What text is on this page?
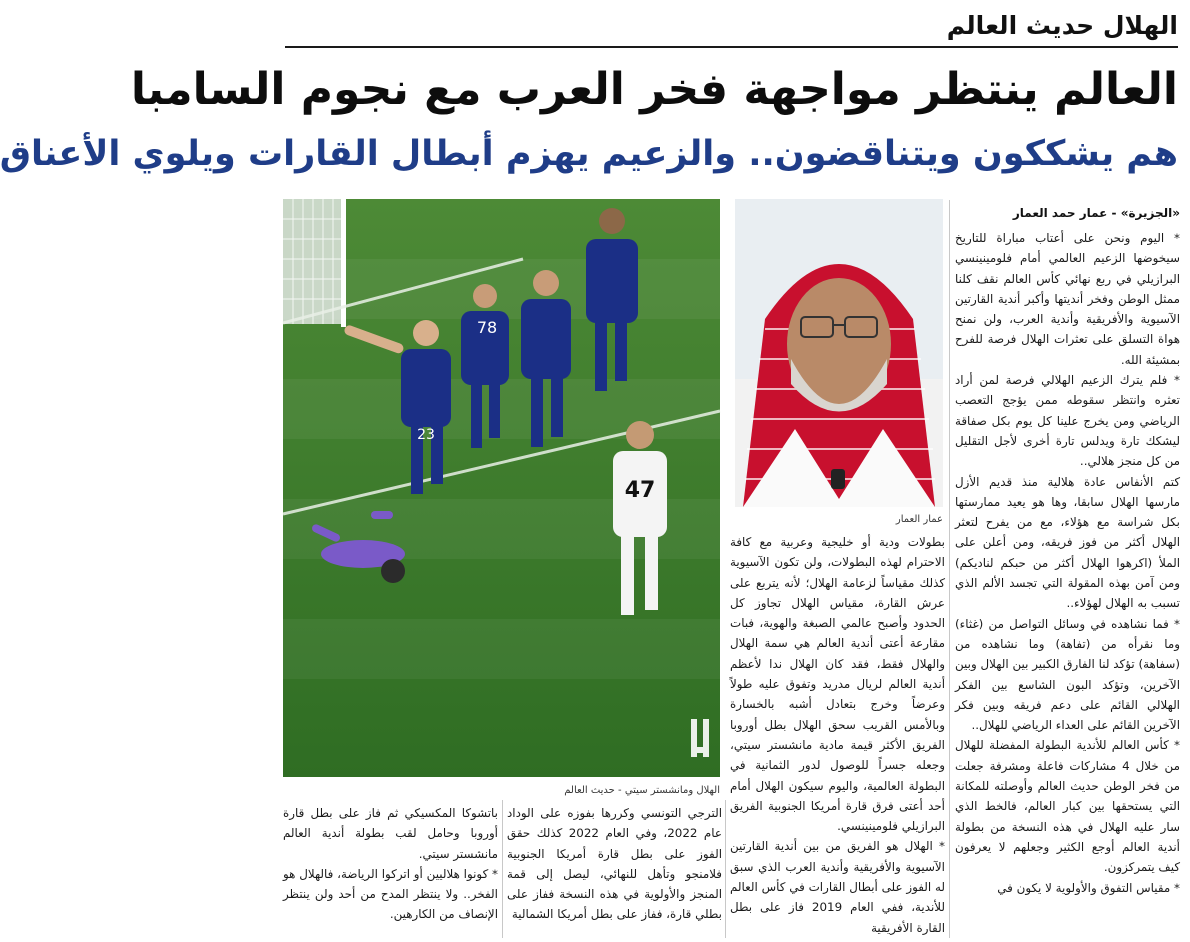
الهلال حديث العالم
العالم ينتظر مواجهة فخر العرب مع نجوم السامبا
هم يشككون ويتناقضون.. والزعيم يهزم أبطال القارات ويلوي الأعناق
23
78
47
الهلال ومانشستر سيتي - حديث العالم
عمار العمار
«الجزيرة» - عمار حمد العمار

* اليوم ونحن على أعتاب مباراة للتاريخ سيخوضها الزعيم العالمي أمام فلومينينسي البرازيلي في ربع نهائي كأس العالم نقف كلنا ممثل الوطن وفخر أنديتها وأكبر أندية القارتين الآسيوية والأفريقية وأندية العرب، ولن نمنح هواة التسلق على تعثرات الهلال فرصة للفرح بمشيئة الله.

* فلم يترك الزعيم الهلالي فرصة لمن أراد تعثره وانتظر سقوطه ممن يؤجج التعصب الرياضي ومن يخرج علينا كل يوم بكل صفاقة ليشكك تارة ويدلس تارة أخرى لأجل التقليل من كل منجز هلالي..

كتم الأنفاس عادة هلالية منذ قديم الأزل مارسها الهلال سابقا، وها هو يعيد ممارستها بكل شراسة مع هؤلاء، مع من يفرح لتعثر الهلال أكثر من فوز فريقه، ومن أعلن على الملأ (اكرهوا الهلال أكثر من حبكم لناديكم) ومن آمن بهذه المقولة التي تجسد الألم الذي تسبب به الهلال لهؤلاء..

* فما نشاهده في وسائل التواصل من (غثاء) وما نقرأه من (تفاهة) وما نشاهده من (سفاهة) تؤكد لنا الفارق الكبير بين الهلال وبين الآخرين، وتؤكد البون الشاسع بين الفكر الهلالي القائم على دعم فريقه وبين فكر الآخرين القائم على العداء الرياضي للهلال..

* كأس العالم للأندية البطولة المفضلة للهلال من خلال 4 مشاركات فاعلة ومشرفة جعلت من فخر الوطن حديث العالم وأوصلته للمكانة التي يستحقها بين كبار العالم، فالخط الذي سار عليه الهلال في هذه النسخة من بطولة أندية العالم أوجع الكثير وجعلهم لا يعرفون كيف يتمركزون.

* مقياس التفوق والأولوية لا يكون في

بطولات ودية أو خليجية وعربية مع كافة الاحترام لهذه البطولات، ولن تكون الآسيوية كذلك مقياساً لزعامة الهلال؛ لأنه يتربع على عرش القارة، مقياس الهلال تجاوز كل الحدود وأصبح عالمي الصبغة والهوية، فبات مقارعة أعتى أندية العالم هي سمة الهلال والهلال فقط، فقد كان الهلال ندا لأعظم أندية العالم لريال مدريد وتفوق عليه طولاً وعرضاً وخرج بتعادل أشبه بالخسارة وبالأمس القريب سحق الهلال بطل أوروبا الفريق الأكثر قيمة مادية مانشستر سيتي، وجعله جسراً للوصول لدور الثمانية في البطولة العالمية، واليوم سيكون الهلال أمام أحد أعتى فرق قارة أمريكا الجنوبية الفريق البرازيلي فلومينينسي.

* الهلال هو الفريق من بين أندية القارتين الآسيوية والأفريقية وأندية العرب الذي سبق له الفوز على أبطال القارات في كأس العالم للأندية، ففي العام 2019 فاز على بطل القارة الأفريقية

الترجي التونسي وكررها بفوزه على الوداد عام 2022، وفي العام 2022 كذلك حقق الفوز على بطل قارة أمريكا الجنوبية فلامنجو وتأهل للنهائي، ليصل إلى قمة المنجز والأولوية في هذه النسخة ففاز على بطلي قارة، ففاز على بطل أمريكا الشمالية

باتشوكا المكسيكي ثم فاز على بطل قارة أوروبا وحامل لقب بطولة أندية العالم مانشستر سيتي.

* كونوا هلاليين أو اتركوا الرياضة، فالهلال هو الفخر.. ولا ينتظر المدح من أحد ولن ينتظر الإنصاف من الكارهين.
